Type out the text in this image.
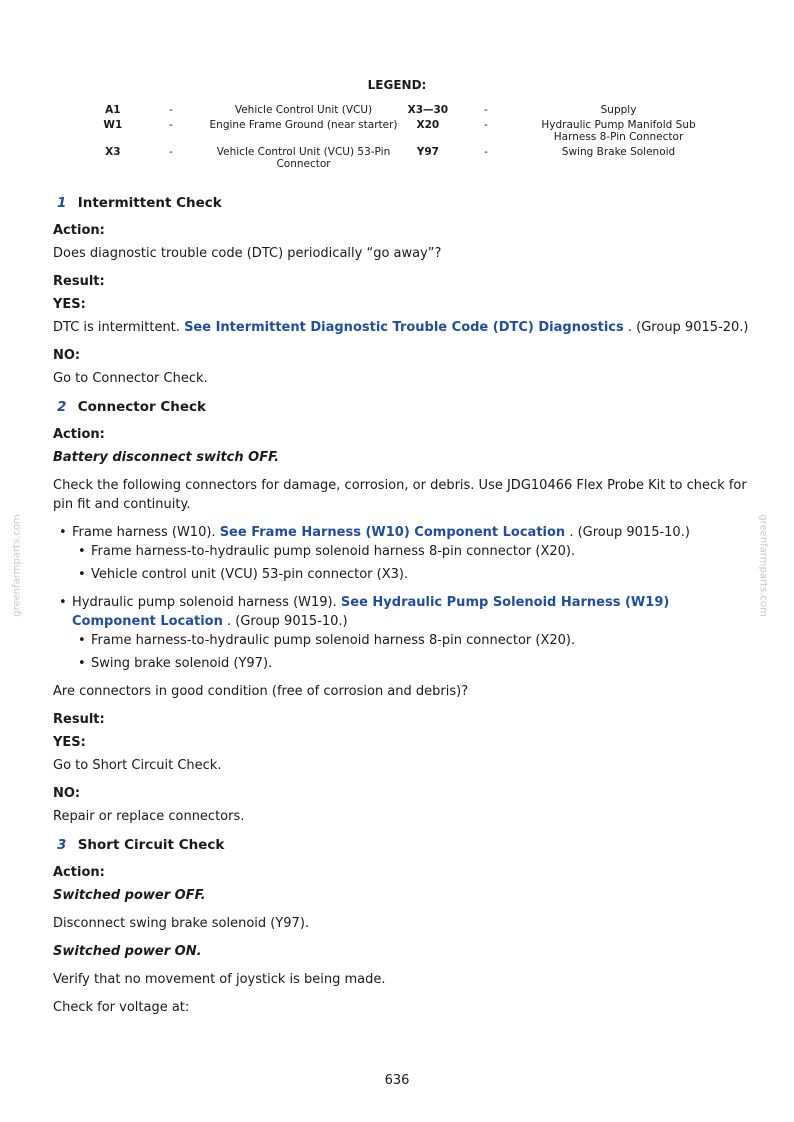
LEGEND:
A1	-	Vehicle Control Unit (VCU)	X3—30	-	Supply
W1	-	Engine Frame Ground (near starter)	X20	-	Hydraulic Pump Manifold Sub Harness 8-Pin Connector
X3	-	Vehicle Control Unit (VCU) 53-Pin Connector	Y97	-	Swing Brake Solenoid
1 Intermittent Check
Action:
Does diagnostic trouble code (DTC) periodically “go away”?
Result:
YES:
DTC is intermittent. See Intermittent Diagnostic Trouble Code (DTC) Diagnostics . (Group 9015-20.)
NO:
Go to Connector Check.
2 Connector Check
Action:
Battery disconnect switch OFF.
Check the following connectors for damage, corrosion, or debris. Use JDG10466 Flex Probe Kit to check for pin fit and continuity.
• Frame harness (W10). See Frame Harness (W10) Component Location . (Group 9015-10.)
• Frame harness-to-hydraulic pump solenoid harness 8-pin connector (X20).
• Vehicle control unit (VCU) 53-pin connector (X3).
• Hydraulic pump solenoid harness (W19). See Hydraulic Pump Solenoid Harness (W19) Component Location . (Group 9015-10.)
• Frame harness-to-hydraulic pump solenoid harness 8-pin connector (X20).
• Swing brake solenoid (Y97).
Are connectors in good condition (free of corrosion and debris)?
Result:
YES:
Go to Short Circuit Check.
NO:
Repair or replace connectors.
3 Short Circuit Check
Action:
Switched power OFF.
Disconnect swing brake solenoid (Y97).
Switched power ON.
Verify that no movement of joystick is being made.
Check for voltage at:
greenfarmparts.com	greenfarmparts.com
636
